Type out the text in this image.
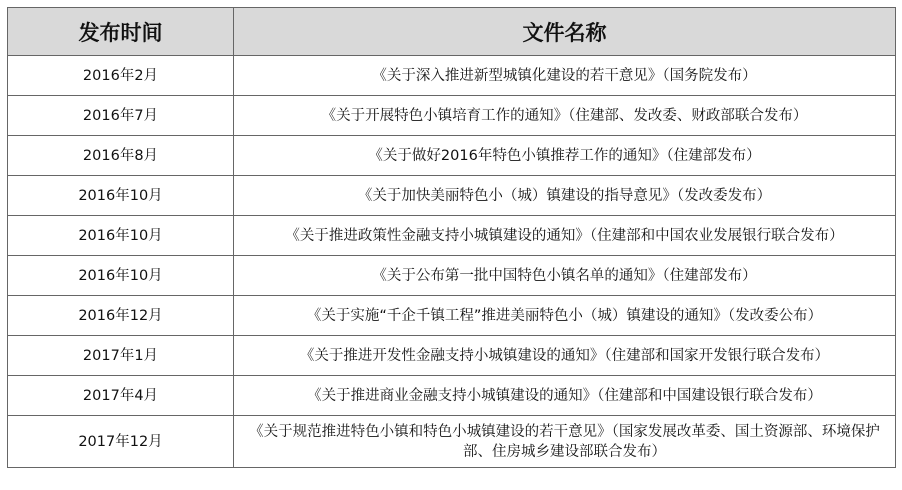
发布时间	文件名称
2016年2月	《关于深入推进新型城镇化建设的若干意见》（国务院发布）
2016年7月	《关于开展特色小镇培育工作的通知》（住建部、发改委、财政部联合发布）
2016年8月	《关于做好2016年特色小镇推荐工作的通知》（住建部发布）
2016年10月	《关于加快美丽特色小（城）镇建设的指导意见》（发改委发布）
2016年10月	《关于推进政策性金融支持小城镇建设的通知》（住建部和中国农业发展银行联合发布）
2016年10月	《关于公布第一批中国特色小镇名单的通知》（住建部发布）
2016年12月	《关于实施“千企千镇工程”推进美丽特色小（城）镇建设的通知》（发改委公布）
2017年1月	《关于推进开发性金融支持小城镇建设的通知》（住建部和国家开发银行联合发布）
2017年4月	《关于推进商业金融支持小城镇建设的通知》（住建部和中国建设银行联合发布）
2017年12月	《关于规范推进特色小镇和特色小城镇建设的若干意见》（国家发展改革委、国土资源部、环境保护部、住房城乡建设部联合发布）
